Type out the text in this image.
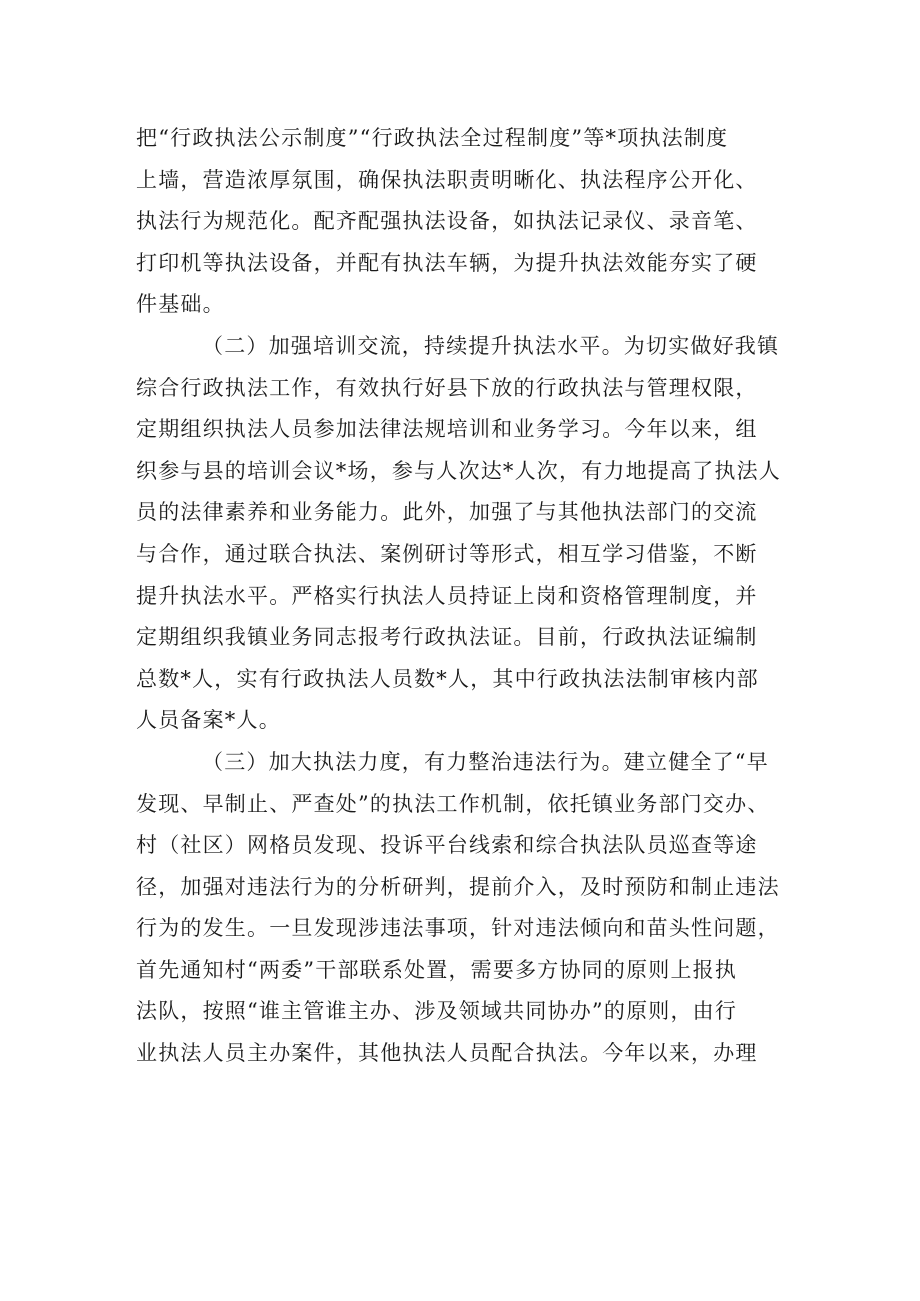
把“行政执法公示制度”“行政执法全过程制度”等*项执法制度
上墙，营造浓厚氛围，确保执法职责明晰化、执法程序公开化、
执法行为规范化。配齐配强执法设备，如执法记录仪、录音笔、
打印机等执法设备，并配有执法车辆，为提升执法效能夯实了硬
件基础。
（二）加强培训交流，持续提升执法水平。为切实做好我镇
综合行政执法工作，有效执行好县下放的行政执法与管理权限，
定期组织执法人员参加法律法规培训和业务学习。今年以来，组
织参与县的培训会议*场，参与人次达*人次，有力地提高了执法人
员的法律素养和业务能力。此外，加强了与其他执法部门的交流
与合作，通过联合执法、案例研讨等形式，相互学习借鉴，不断
提升执法水平。严格实行执法人员持证上岗和资格管理制度，并
定期组织我镇业务同志报考行政执法证。目前，行政执法证编制
总数*人，实有行政执法人员数*人，其中行政执法法制审核内部
人员备案*人。
（三）加大执法力度，有力整治违法行为。建立健全了“早
发现、早制止、严查处”的执法工作机制，依托镇业务部门交办、
村（社区）网格员发现、投诉平台线索和综合执法队员巡查等途
径，加强对违法行为的分析研判，提前介入，及时预防和制止违法
行为的发生。一旦发现涉违法事项，针对违法倾向和苗头性问题，
首先通知村“两委”干部联系处置，需要多方协同的原则上报执
法队，按照“谁主管谁主办、涉及领域共同协办”的原则，由行
业执法人员主办案件，其他执法人员配合执法。今年以来，办理
